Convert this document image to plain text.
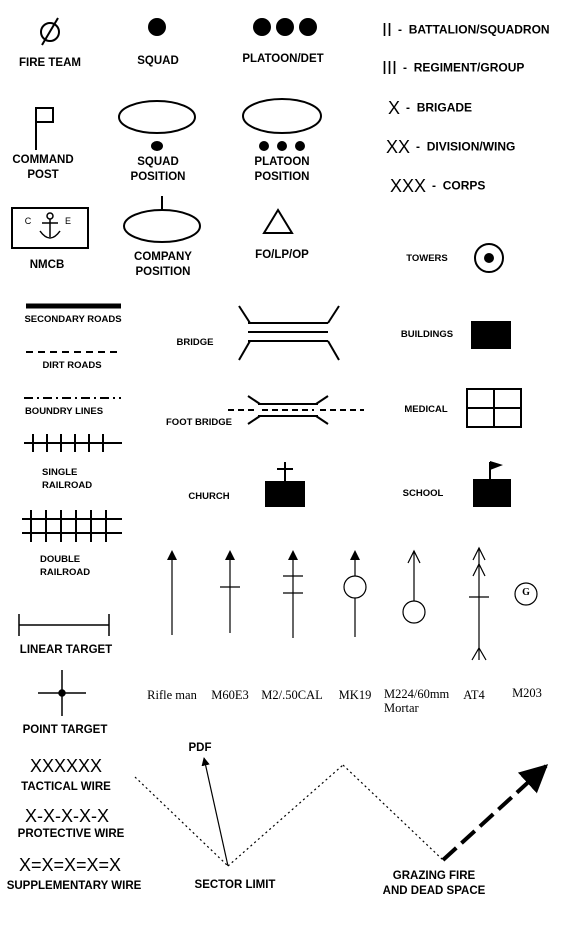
FIRE TEAM	SQUAD	PLATOON/DET
COMMAND
POST
SQUAD
POSITION
PLATOON
POSITION
NMCB
C	E
COMPANY
POSITION
FO/LP/OP
II - BATTALION/SQUADRON
III - REGIMENT/GROUP
X - BRIGADE
XX - DIVISION/WING
XXX - CORPS
TOWERS
SECONDARY ROADS
DIRT ROADS
BOUNDRY LINES
SINGLE
RAILROAD
DOUBLE
RAILROAD
BRIDGE
FOOT BRIDGE
CHURCH
BUILDINGS
MEDICAL
SCHOOL
Rifle man M60E3 M2/.50CAL MK19 M224/60mm
Mortar
AT4 M203
G
LINEAR TARGET
POINT TARGET
XXXXXX
TACTICAL WIRE
X-X-X-X-X
PROTECTIVE WIRE
X=X=X=X=X
SUPPLEMENTARY WIRE
PDF
SECTOR LIMIT
GRAZING FIRE
AND DEAD SPACE
